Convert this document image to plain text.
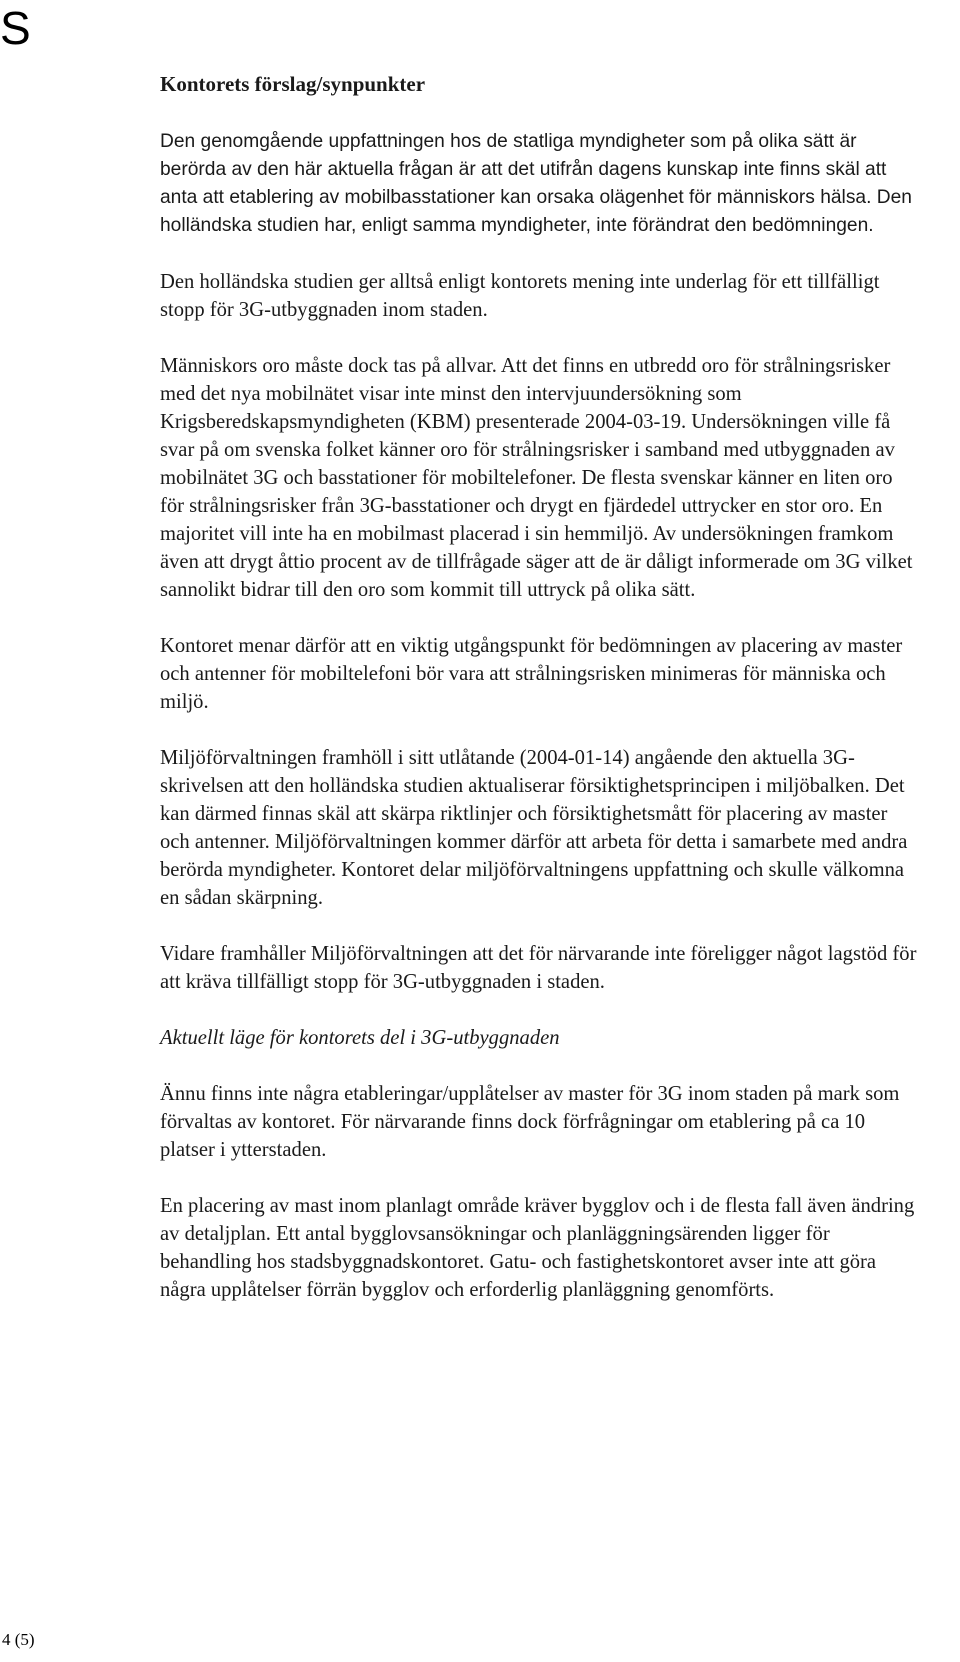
S
Kontorets förslag/synpunkter
Den genomgående uppfattningen hos de statliga myndigheter som på olika sätt är berörda av den här aktuella frågan är att det utifrån dagens kunskap inte finns skäl att anta att etablering av mobilbasstationer kan orsaka olägenhet för människors hälsa. Den holländska studien har, enligt samma myndigheter, inte förändrat den bedömningen.
Den holländska studien ger alltså enligt kontorets mening inte underlag för ett tillfälligt stopp för 3G-utbyggnaden inom staden.
Människors oro måste dock tas på allvar. Att det finns en utbredd oro för strålningsrisker med det nya mobilnätet visar inte minst den intervjuundersökning som Krigsberedskapsmyndigheten (KBM) presenterade 2004-03-19. Undersökningen ville få svar på om svenska folket känner oro för strålningsrisker i samband med utbyggnaden av mobilnätet 3G och basstationer för mobiltelefoner. De flesta svenskar känner en liten oro för strålningsrisker från 3G-basstationer och drygt en fjärdedel uttrycker en stor oro. En majoritet vill inte ha en mobilmast placerad i sin hemmiljö. Av undersökningen framkom även att drygt åttio procent av de tillfrågade säger att de är dåligt informerade om 3G vilket sannolikt bidrar till den oro som kommit till uttryck på olika sätt.
Kontoret menar därför att en viktig utgångspunkt för bedömningen av placering av master och antenner för mobiltelefoni bör vara att strålningsrisken minimeras för människa och miljö.
Miljöförvaltningen framhöll i sitt utlåtande (2004-01-14) angående den aktuella 3G-skrivelsen att den holländska studien aktualiserar försiktighetsprincipen i miljöbalken. Det kan därmed finnas skäl att skärpa riktlinjer och försiktighetsmått för placering av master och antenner. Miljöförvaltningen kommer därför att arbeta för detta i samarbete med andra berörda myndigheter. Kontoret delar miljöförvaltningens uppfattning och skulle välkomna en sådan skärpning.
Vidare framhåller Miljöförvaltningen att det för närvarande inte föreligger något lagstöd för att kräva tillfälligt stopp för 3G-utbyggnaden i staden.
Aktuellt läge för kontorets del i 3G-utbyggnaden
Ännu finns inte några etableringar/upplåtelser av master för 3G inom staden på mark som förvaltas av kontoret. För närvarande finns dock förfrågningar om etablering på ca 10 platser i ytterstaden.
En placering av mast inom planlagt område kräver bygglov och i de flesta fall även ändring av detaljplan. Ett antal bygglovsansökningar och planläggningsärenden ligger för behandling hos stadsbyggnadskontoret. Gatu- och fastighetskontoret avser inte att göra några upplåtelser förrän bygglov och erforderlig planläggning genomförts.
4 (5)
